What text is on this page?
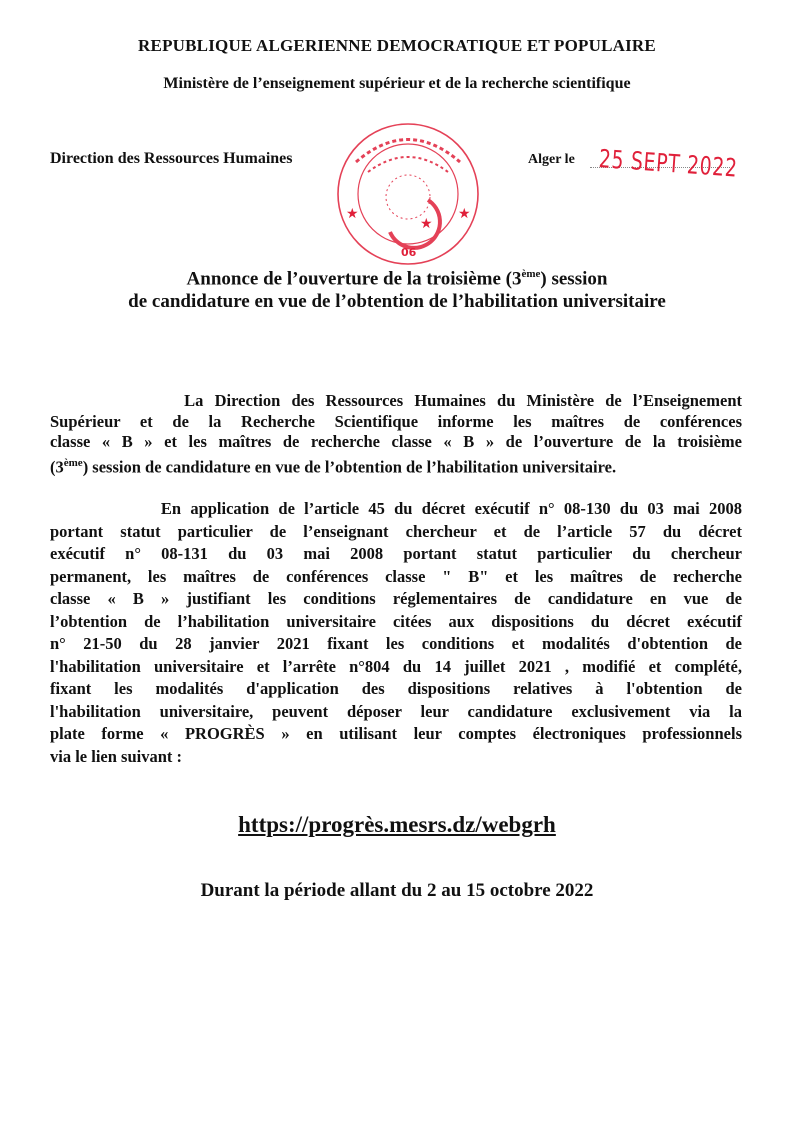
REPUBLIQUE ALGERIENNE DEMOCRATIQUE ET POPULAIRE
Ministère de l’enseignement supérieur et de la recherche scientifique
Direction des Ressources Humaines	Alger le 25 SEPT 2022
★	★
★
06
Annonce de l’ouverture de la troisième (3ème) session
de candidature en vue de l’obtention de l’habilitation universitaire
La Direction des Ressources Humaines du Ministère de l’Enseignement
Supérieur et de la Recherche Scientifique informe les maîtres de conférences
classe « B » et les maîtres de recherche classe « B » de l’ouverture de la troisième
(3ème) session de candidature en vue de l’obtention de l’habilitation universitaire.
En application de l’article 45 du décret exécutif n° 08-130 du 03 mai 2008
portant statut particulier de l’enseignant chercheur et de l’article 57 du décret
exécutif n° 08-131 du 03 mai 2008 portant statut particulier du chercheur
permanent, les maîtres de conférences classe " B" et les maîtres de recherche
classe « B » justifiant les conditions réglementaires de candidature en vue de
l’obtention de l’habilitation universitaire citées aux dispositions du décret exécutif
n° 21-50 du 28 janvier 2021 fixant les conditions et modalités d'obtention de
l'habilitation universitaire et l’arrête n°804 du 14 juillet 2021 , modifié et complété,
fixant les modalités d'application des dispositions relatives à l'obtention de
l'habilitation universitaire, peuvent déposer leur candidature exclusivement via la
plate forme « PROGRÈS » en utilisant leur comptes électroniques professionnels
via le lien suivant :
https://progrès.mesrs.dz/webgrh
Durant la période allant du 2 au 15 octobre 2022
